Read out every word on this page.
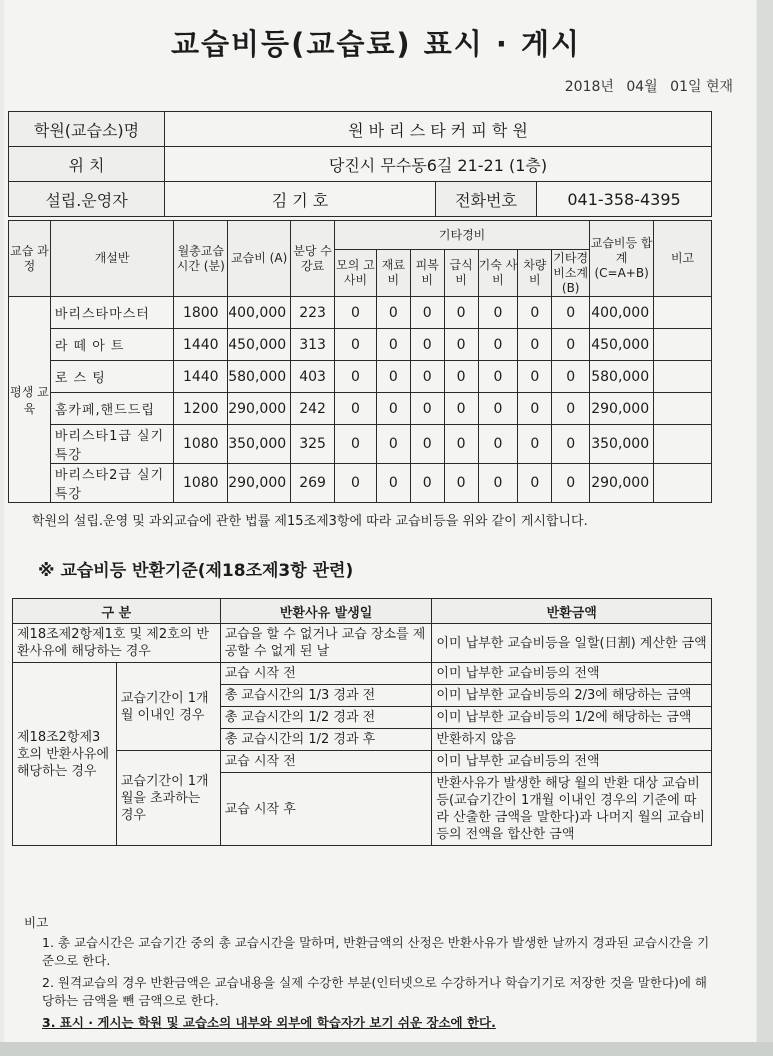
교습비등(교습료) 표시 · 게시
2018년 04월 01일 현재
학원(교습소)명	원 바 리 스 타 커 피 학 원		
위 치	당진시 무수동6길 21-21 (1층)		
설립.운영자	김 기 호	전화번호	041-358-4395
교습 과정	개설반	월총교습 시간 (분)	교습비 (A)	분당 수강료	기타경비							교습비등 합계 (C=A+B)	비고
					모의 고사비	재료 비	피복 비	급식 비	기숙 사비	차량 비	기타경비소계 (B)		
평생 교육	바리스타마스터	1800	400,000	223	0	0	0	0	0	0	0	400,000	
	라 떼 아 트	1440	450,000	313	0	0	0	0	0	0	0	450,000	
	로 스 팅	1440	580,000	403	0	0	0	0	0	0	0	580,000	
	홈카페,핸드드립	1200	290,000	242	0	0	0	0	0	0	0	290,000	
	바리스타1급 실기특강	1080	350,000	325	0	0	0	0	0	0	0	350,000	
	바리스타2급 실기특강	1080	290,000	269	0	0	0	0	0	0	0	290,000	
학원의 설립.운영 및 과외교습에 관한 법률 제15조제3항에 따라 교습비등을 위와 같이 게시합니다.
※ 교습비등 반환기준(제18조제3항 관련)
구 분		반환사유 발생일	반환금액
제18조제2항제1호 및 제2호의 반환사유에 해당하는 경우		교습을 할 수 없거나 교습 장소를 제공할 수 없게 된 날	이미 납부한 교습비등을 일할(日割) 계산한 금액
제18조2항제3호의 반환사유에 해당하는 경우	교습기간이 1개월 이내인 경우	교습 시작 전	이미 납부한 교습비등의 전액
		총 교습시간의 1/3 경과 전	이미 납부한 교습비등의 2/3에 해당하는 금액
		총 교습시간의 1/2 경과 전	이미 납부한 교습비등의 1/2에 해당하는 금액
		총 교습시간의 1/2 경과 후	반환하지 않음
	교습기간이 1개월을 초과하는 경우	교습 시작 전	이미 납부한 교습비등의 전액
		교습 시작 후	반환사유가 발생한 해당 월의 반환 대상 교습비등(교습기간이 1개월 이내인 경우의 기준에 따라 산출한 금액을 말한다)과 나머지 월의 교습비등의 전액을 합산한 금액
비고
1. 총 교습시간은 교습기간 중의 총 교습시간을 말하며, 반환금액의 산정은 반환사유가 발생한 날까지 경과된 교습시간을 기준으로 한다.
2. 원격교습의 경우 반환금액은 교습내용을 실제 수강한 부분(인터넷으로 수강하거나 학습기기로 저장한 것을 말한다)에 해당하는 금액을 뺀 금액으로 한다.
3. 표시 · 게시는 학원 및 교습소의 내부와 외부에 학습자가 보기 쉬운 장소에 한다.
